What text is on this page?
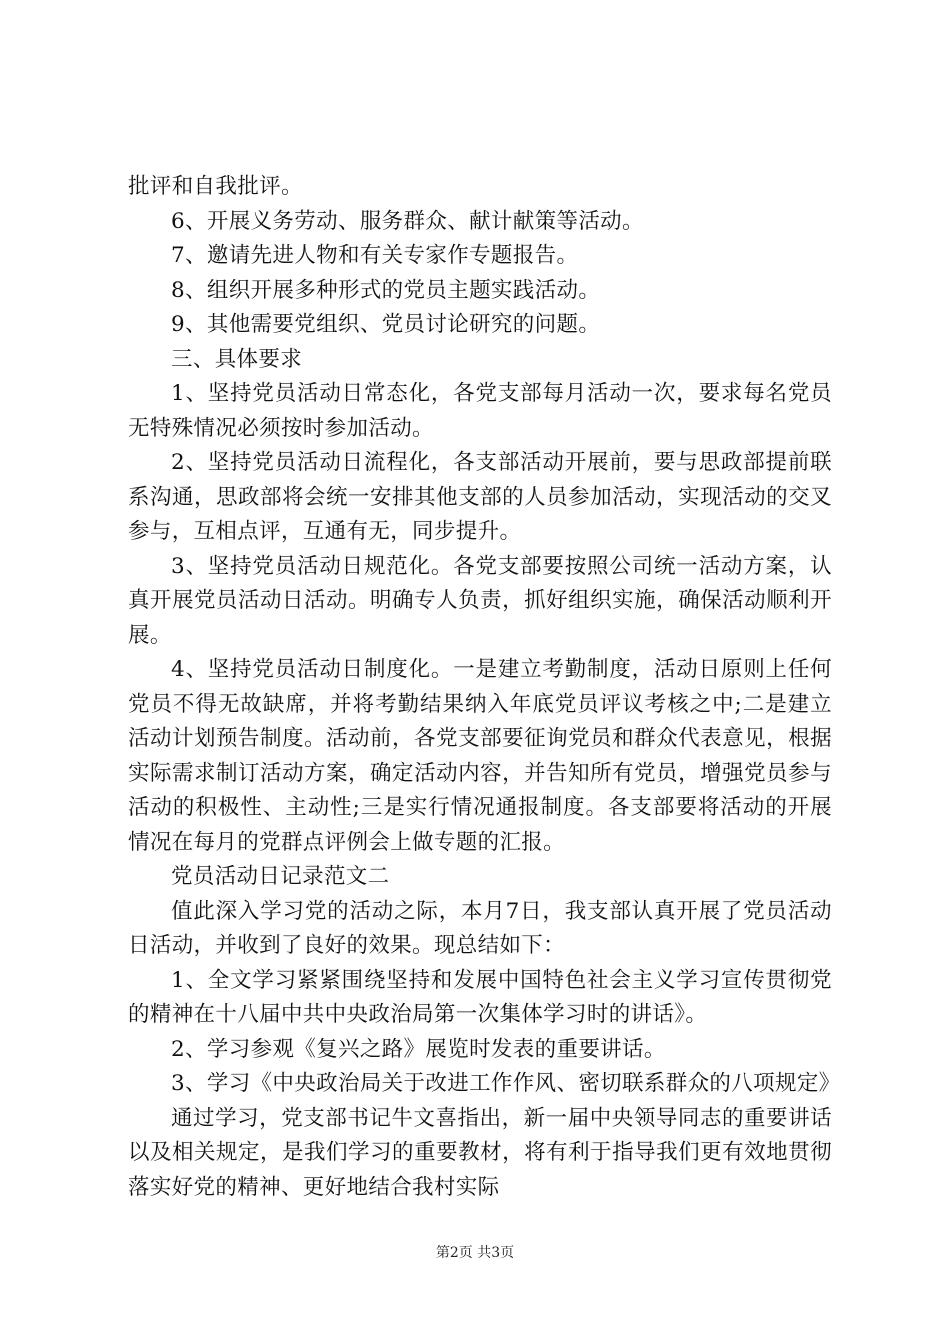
批评和自我批评。

6、开展义务劳动、服务群众、献计献策等活动。

7、邀请先进人物和有关专家作专题报告。

8、组织开展多种形式的党员主题实践活动。

9、其他需要党组织、党员讨论研究的问题。

三、具体要求

1、坚持党员活动日常态化，各党支部每月活动一次，要求每名党员无特殊情况必须按时参加活动。

2、坚持党员活动日流程化，各支部活动开展前，要与思政部提前联系沟通，思政部将会统一安排其他支部的人员参加活动，实现活动的交叉参与，互相点评，互通有无，同步提升。

3、坚持党员活动日规范化。各党支部要按照公司统一活动方案，认真开展党员活动日活动。明确专人负责，抓好组织实施，确保活动顺利开展。

4、坚持党员活动日制度化。一是建立考勤制度，活动日原则上任何党员不得无故缺席，并将考勤结果纳入年底党员评议考核之中;二是建立活动计划预告制度。活动前，各党支部要征询党员和群众代表意见，根据实际需求制订活动方案，确定活动内容，并告知所有党员，增强党员参与活动的积极性、主动性;三是实行情况通报制度。各支部要将活动的开展情况在每月的党群点评例会上做专题的汇报。

党员活动日记录范文二

值此深入学习党的活动之际，本月7日，我支部认真开展了党员活动日活动，并收到了良好的效果。现总结如下：

1、全文学习紧紧围绕坚持和发展中国特色社会主义学习宣传贯彻党的精神在十八届中共中央政治局第一次集体学习时的讲话》。

2、学习参观《复兴之路》展览时发表的重要讲话。

3、学习《中央政治局关于改进工作作风、密切联系群众的八项规定》

通过学习，党支部书记牛文喜指出，新一届中央领导同志的重要讲话以及相关规定，是我们学习的重要教材，将有利于指导我们更有效地贯彻落实好党的精神、更好地结合我村实际

第2页 共3页
